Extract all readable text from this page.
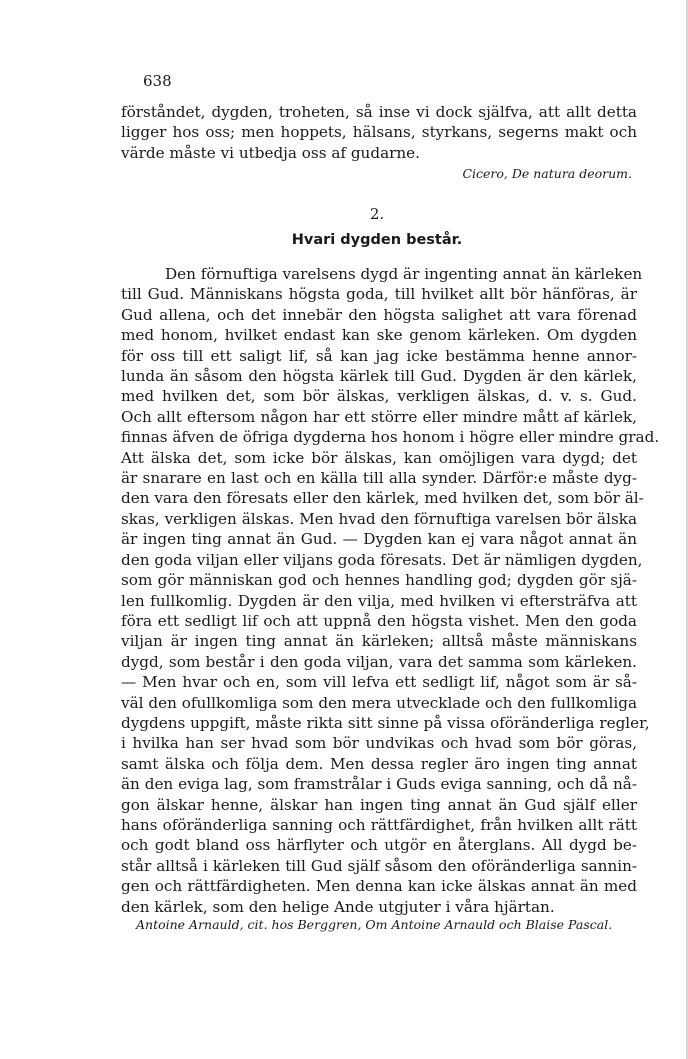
638
förståndet, dygden, troheten, så inse vi dock själfva, att allt detta
ligger hos oss; men hoppets, hälsans, styrkans, segerns makt och
värde måste vi utbedja oss af gudarne.
Cicero, De natura deorum.
2.
Hvari dygden består.
Den förnuftiga varelsens dygd är ingenting annat än kärleken
till Gud. Människans högsta goda, till hvilket allt bör hänföras, är
Gud allena, och det innebär den högsta salighet att vara förenad
med honom, hvilket endast kan ske genom kärleken. Om dygden
för oss till ett saligt lif, så kan jag icke bestämma henne annor-
lunda än såsom den högsta kärlek till Gud. Dygden är den kärlek,
med hvilken det, som bör älskas, verkligen älskas, d. v. s. Gud.
Och allt eftersom någon har ett större eller mindre mått af kärlek,
finnas äfven de öfriga dygderna hos honom i högre eller mindre grad.
Att älska det, som icke bör älskas, kan omöjligen vara dygd; det
är snarare en last och en källa till alla synder. Därför:e måste dyg-
den vara den föresats eller den kärlek, med hvilken det, som bör äl-
skas, verkligen älskas. Men hvad den förnuftiga varelsen bör älska
är ingen ting annat än Gud. — Dygden kan ej vara något annat än
den goda viljan eller viljans goda föresats. Det är nämligen dygden,
som gör människan god och hennes handling god; dygden gör sjä-
len fullkomlig. Dygden är den vilja, med hvilken vi eftersträfva att
föra ett sedligt lif och att uppnå den högsta vishet. Men den goda
viljan är ingen ting annat än kärleken; alltså måste människans
dygd, som består i den goda viljan, vara det samma som kärleken.
— Men hvar och en, som vill lefva ett sedligt lif, något som är så-
väl den ofullkomliga som den mera utvecklade och den fullkomliga
dygdens uppgift, måste rikta sitt sinne på vissa oföränderliga regler,
i hvilka han ser hvad som bör undvikas och hvad som bör göras,
samt älska och följa dem. Men dessa regler äro ingen ting annat
än den eviga lag, som framstrålar i Guds eviga sanning, och då nå-
gon älskar henne, älskar han ingen ting annat än Gud själf eller
hans oföränderliga sanning och rättfärdighet, från hvilken allt rätt
och godt bland oss härflyter och utgör en återglans. All dygd be-
står alltså i kärleken till Gud själf såsom den oföränderliga sannin-
gen och rättfärdigheten. Men denna kan icke älskas annat än med
den kärlek, som den helige Ande utgjuter i våra hjärtan.
Antoine Arnauld, cit. hos Berggren, Om Antoine Arnauld och Blaise Pascal.
